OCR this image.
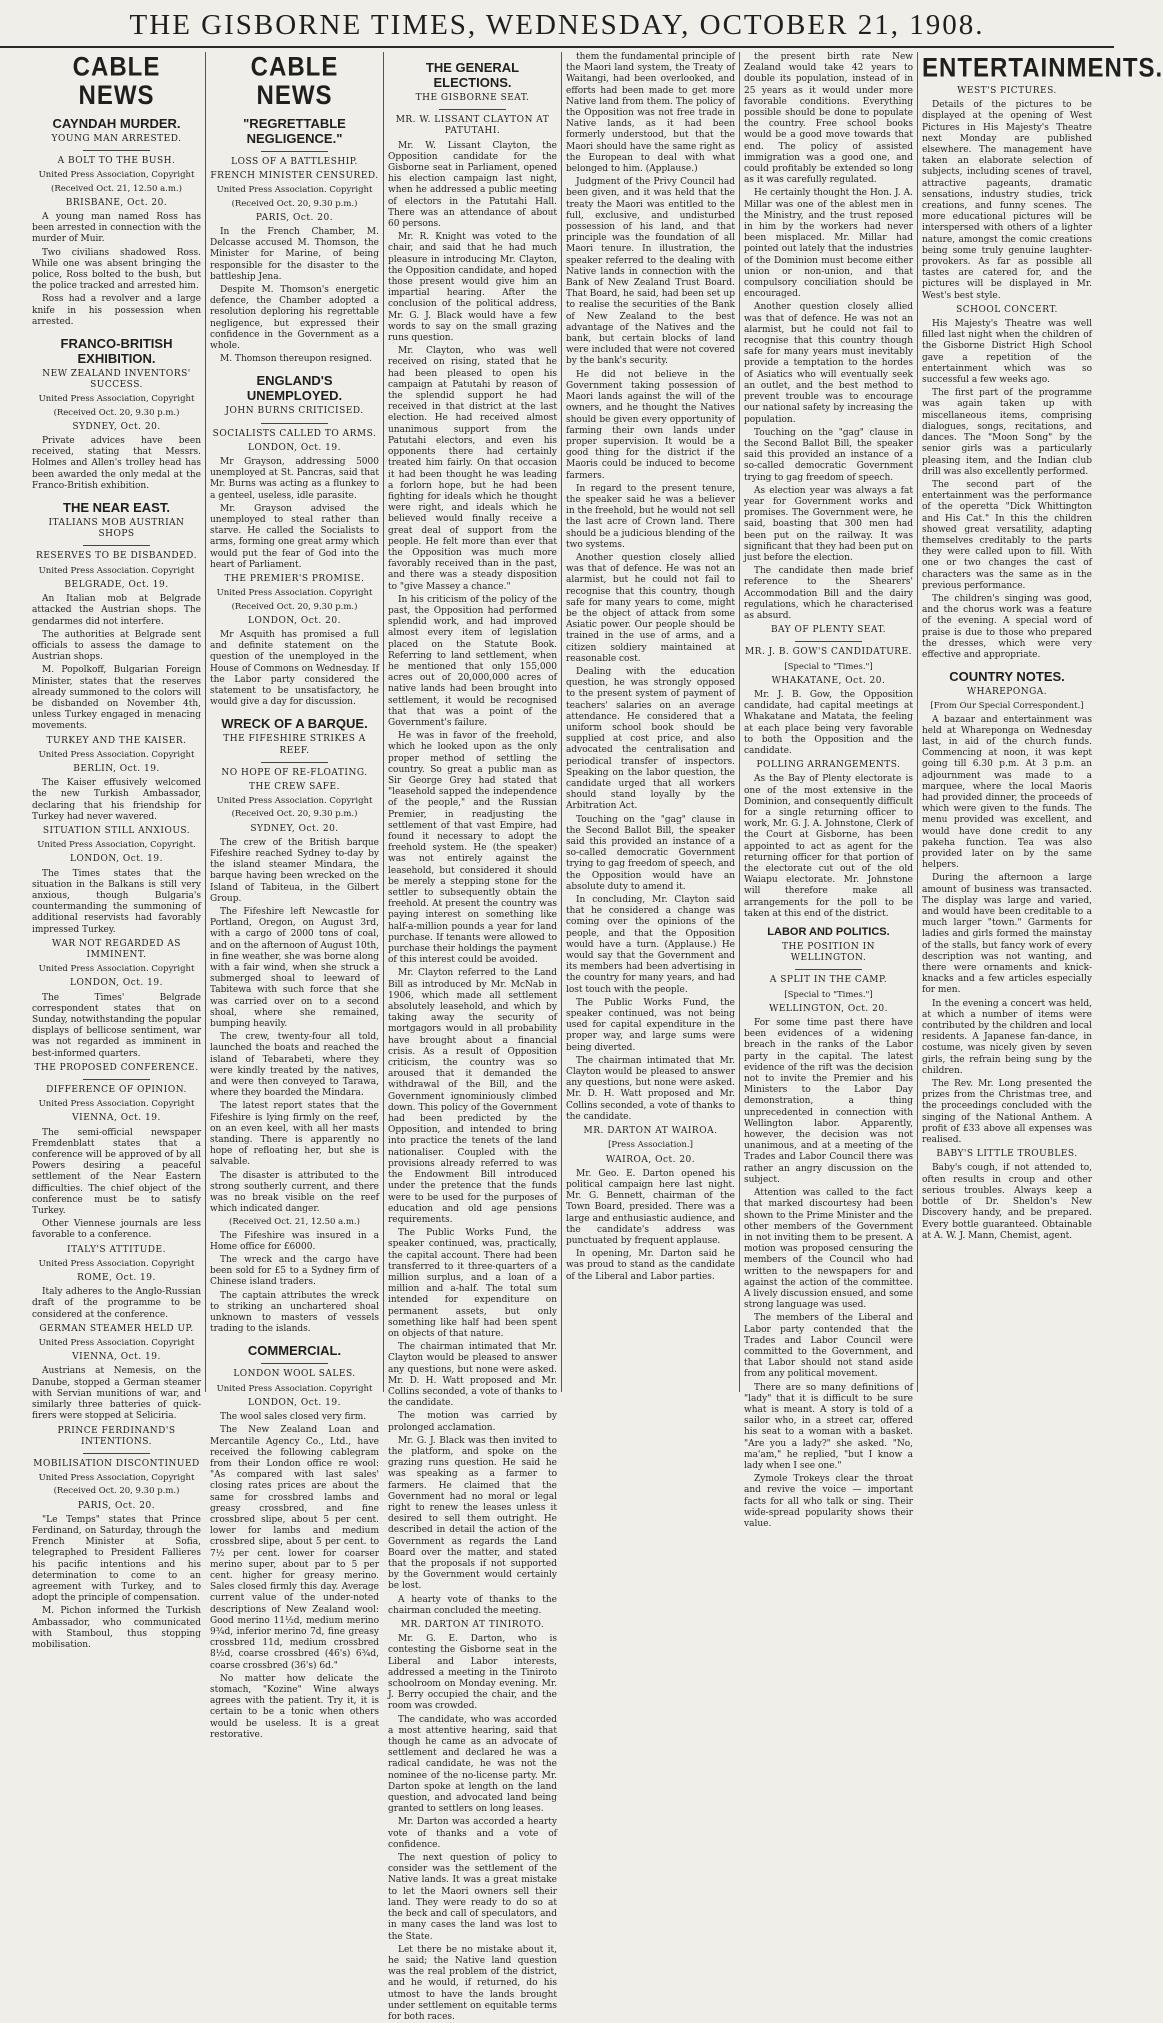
THE GISBORNE TIMES, WEDNESDAY, OCTOBER 21, 1908.
CABLE NEWS
CAYNDAH MURDER.
YOUNG MAN ARRESTED.
A BOLT TO THE BUSH.
United Press Association, Copyright
(Received Oct. 21, 12.50 a.m.)
BRISBANE, Oct. 20.

A young man named Ross has been arrested in connection with the murder of Muir.

Two civilians shadowed Ross. While one was absent bringing the police, Ross bolted to the bush, but the police tracked and arrested him.

Ross had a revolver and a large knife in his possession when arrested.

FRANCO-BRITISH EXHIBITION.
NEW ZEALAND INVENTORS' SUCCESS.
United Press Association, Copyright
(Received Oct. 20, 9.30 p.m.)
SYDNEY, Oct. 20.

Private advices have been received, stating that Messrs. Holmes and Allen's trolley head has been awarded the only medal at the Franco-British exhibition.

THE NEAR EAST.
ITALIANS MOB AUSTRIAN SHOPS
RESERVES TO BE DISBANDED.
United Press Association. Copyright
BELGRADE, Oct. 19.

An Italian mob at Belgrade attacked the Austrian shops. The gendarmes did not interfere.

The authorities at Belgrade sent officials to assess the damage to Austrian shops.

M. Popolkoff, Bulgarian Foreign Minister, states that the reserves already summoned to the colors will be disbanded on November 4th, unless Turkey engaged in menacing movements.

TURKEY AND THE KAISER.
United Press Association. Copyright
BERLIN, Oct. 19.

The Kaiser effusively welcomed the new Turkish Ambassador, declaring that his friendship for Turkey had never wavered.

SITUATION STILL ANXIOUS.
United Press Association, Copyright.
LONDON, Oct. 19.

The Times states that the situation in the Balkans is still very anxious, though Bulgaria's countermanding the summoning of additional reservists had favorably impressed Turkey.

WAR NOT REGARDED AS IMMINENT.
United Press Association. Copyright
LONDON, Oct. 19.

The Times' Belgrade correspondent states that on Sunday, notwithstanding the popular displays of bellicose sentiment, war was not regarded as imminent in best-informed quarters.

THE PROPOSED CONFERENCE.
DIFFERENCE OF OPINION.
United Press Association. Copyright
VIENNA, Oct. 19.

The semi-official newspaper Fremdenblatt states that a conference will be approved of by all Powers desiring a peaceful settlement of the Near Eastern difficulties. The chief object of the conference must be to satisfy Turkey.

Other Viennese journals are less favorable to a conference.

ITALY'S ATTITUDE.
United Press Association. Copyright
ROME, Oct. 19.

Italy adheres to the Anglo-Russian draft of the programme to be considered at the conference.

GERMAN STEAMER HELD UP.
United Press Association. Copyright
VIENNA, Oct. 19.

Austrians at Nemesis, on the Danube, stopped a German steamer with Servian munitions of war, and similarly three batteries of quick-firers were stopped at Seliciria.

PRINCE FERDINAND'S INTENTIONS.
MOBILISATION DISCONTINUED
United Press Association, Copyright
(Received Oct. 20, 9.30 p.m.)
PARIS, Oct. 20.

"Le Temps" states that Prince Ferdinand, on Saturday, through the French Minister at Sofia, telegraphed to President Fallieres his pacific intentions and his determination to come to an agreement with Turkey, and to adopt the principle of compensation.

M. Pichon informed the Turkish Ambassador, who communicated with Stamboul, thus stopping mobilisation.

CABLE NEWS
"REGRETTABLE NEGLIGENCE."
LOSS OF A BATTLESHIP.
FRENCH MINISTER CENSURED.
United Press Association. Copyright
(Received Oct. 20, 9.30 p.m.)
PARIS, Oct. 20.

In the French Chamber, M. Delcasse accused M. Thomson, the Minister for Marine, of being responsible for the disaster to the battleship Jena.

Despite M. Thomson's energetic defence, the Chamber adopted a resolution deploring his regrettable negligence, but expressed their confidence in the Government as a whole.

M. Thomson thereupon resigned.

ENGLAND'S UNEMPLOYED.
JOHN BURNS CRITICISED.
SOCIALISTS CALLED TO ARMS.
LONDON, Oct. 19.

Mr Grayson, addressing 5000 unemployed at St. Pancras, said that Mr. Burns was acting as a flunkey to a genteel, useless, idle parasite.

Mr. Grayson advised the unemployed to steal rather than starve. He called the Socialists to arms, forming one great army which would put the fear of God into the heart of Parliament.

THE PREMIER'S PROMISE.
United Press Association. Copyright
(Received Oct. 20, 9.30 p.m.)
LONDON, Oct. 20.

Mr Asquith has promised a full and definite statement on the question of the unemployed in the House of Commons on Wednesday. If the Labor party considered the statement to be unsatisfactory, he would give a day for discussion.

WRECK OF A BARQUE.
THE FIFESHIRE STRIKES A REEF.
NO HOPE OF RE-FLOATING.
THE CREW SAFE.
United Press Association. Copyright
(Received Oct. 20, 9.30 p.m.)
SYDNEY, Oct. 20.

The crew of the British barque Fifeshire reached Sydney to-day by the island steamer Mindara, the barque having been wrecked on the Island of Tabiteua, in the Gilbert Group.

The Fifeshire left Newcastle for Portland, Oregon, on August 3rd, with a cargo of 2000 tons of coal, and on the afternoon of August 10th, in fine weather, she was borne along with a fair wind, when she struck a submerged shoal to leeward of Tabitewa with such force that she was carried over on to a second shoal, where she remained, bumping heavily.

The crew, twenty-four all told, launched the boats and reached the island of Tebarabeti, where they were kindly treated by the natives, and were then conveyed to Tarawa, where they boarded the Mindara.

The latest report states that the Fifeshire is lying firmly on the reef, on an even keel, with all her masts standing. There is apparently no hope of refloating her, but she is salvable.

The disaster is attributed to the strong southerly current, and there was no break visible on the reef which indicated danger.

(Received Oct. 21, 12.50 a.m.)

The Fifeshire was insured in a Home office for £6000.

The wreck and the cargo have been sold for £5 to a Sydney firm of Chinese island traders.

The captain attributes the wreck to striking an unchartered shoal unknown to masters of vessels trading to the islands.

COMMERCIAL.
LONDON WOOL SALES.
United Press Association. Copyright
LONDON, Oct. 19.

The wool sales closed very firm.

The New Zealand Loan and Mercantile Agency Co., Ltd., have received the following cablegram from their London office re wool: "As compared with last sales' closing rates prices are about the same for crossbred lambs and greasy crossbred, and fine crossbred slipe, about 5 per cent. lower for lambs and medium crossbred slipe, about 5 per cent. to 7½ per cent. lower for coarser merino super, about par to 5 per cent. higher for greasy merino. Sales closed firmly this day. Average current value of the under-noted descriptions of New Zealand wool: Good merino 11½d, medium merino 9¾d, inferior merino 7d, fine greasy crossbred 11d, medium crossbred 8½d, coarse crossbred (46's) 6¾d, coarse crossbred (36's) 6d."

No matter how delicate the stomach, "Kozine" Wine always agrees with the patient. Try it, it is certain to be a tonic when others would be useless. It is a great restorative.

THE GENERAL ELECTIONS.
THE GISBORNE SEAT.
MR. W. LISSANT CLAYTON AT PATUTAHI.

Mr. W. Lissant Clayton, the Opposition candidate for the Gisborne seat in Parliament, opened his election campaign last night, when he addressed a public meeting of electors in the Patutahi Hall. There was an attendance of about 60 persons.

Mr. R. Knight was voted to the chair, and said that he had much pleasure in introducing Mr. Clayton, the Opposition candidate, and hoped those present would give him an impartial hearing. After the conclusion of the political address, Mr. G. J. Black would have a few words to say on the small grazing runs question.

Mr. Clayton, who was well received on rising, stated that he had been pleased to open his campaign at Patutahi by reason of the splendid support he had received in that district at the last election. He had received almost unanimous support from the Patutahi electors, and even his opponents there had certainly treated him fairly. On that occasion it had been thought he was leading a forlorn hope, but he had been fighting for ideals which he thought were right, and ideals which he believed would finally receive a great deal of support from the people. He felt more than ever that the Opposition was much more favorably received than in the past, and there was a steady disposition to "give Massey a chance."

In his criticism of the policy of the past, the Opposition had performed splendid work, and had improved almost every item of legislation placed on the Statute Book. Referring to land settlement, when he mentioned that only 155,000 acres out of 20,000,000 acres of native lands had been brought into settlement, it would be recognised that that was a point of the Government's failure.

He was in favor of the freehold, which he looked upon as the only proper method of settling the country. So great a public man as Sir George Grey had stated that "leasehold sapped the independence of the people," and the Russian Premier, in readjusting the settlement of that vast Empire, had found it necessary to adopt the freehold system. He (the speaker) was not entirely against the leasehold, but considered it should be merely a stepping stone for the settler to subsequently obtain the freehold. At present the country was paying interest on something like half-a-million pounds a year for land purchase. If tenants were allowed to purchase their holdings the payment of this interest could be avoided.

Mr. Clayton referred to the Land Bill as introduced by Mr. McNab in 1906, which made all settlement absolutely leasehold, and which by taking away the security of mortgagors would in all probability have brought about a financial crisis. As a result of Opposition criticism, the country was so aroused that it demanded the withdrawal of the Bill, and the Government ignominiously climbed down. This policy of the Government had been predicted by the Opposition, and intended to bring into practice the tenets of the land nationaliser. Coupled with the provisions already referred to was the Endowment Bill introduced under the pretence that the funds were to be used for the purposes of education and old age pensions requirements.

The Public Works Fund, the speaker continued, was, practically, the capital account. There had been transferred to it three-quarters of a million surplus, and a loan of a million and a-half. The total sum intended for expenditure on permanent assets, but only something like half had been spent on objects of that nature.

The chairman intimated that Mr. Clayton would be pleased to answer any questions, but none were asked. Mr. D. H. Watt proposed and Mr. Collins seconded, a vote of thanks to the candidate.

The motion was carried by prolonged acclamation.

Mr. G. J. Black was then invited to the platform, and spoke on the grazing runs question. He said he was speaking as a farmer to farmers. He claimed that the Government had no moral or legal right to renew the leases unless it desired to sell them outright. He described in detail the action of the Government as regards the Land Board over the matter, and stated that the proposals if not supported by the Government would certainly be lost.

A hearty vote of thanks to the chairman concluded the meeting.

MR. DARTON AT TINIROTO.

Mr. G. E. Darton, who is contesting the Gisborne seat in the Liberal and Labor interests, addressed a meeting in the Tiniroto schoolroom on Monday evening. Mr. J. Berry occupied the chair, and the room was crowded.

The candidate, who was accorded a most attentive hearing, said that though he came as an advocate of settlement and declared he was a radical candidate, he was not the nominee of the no-license party. Mr. Darton spoke at length on the land question, and advocated land being granted to settlers on long leases.

Mr. Darton was accorded a hearty vote of thanks and a vote of confidence.

The next question of policy to consider was the settlement of the Native lands. It was a great mistake to let the Maori owners sell their land. They were ready to do so at the beck and call of speculators, and in many cases the land was lost to the State.

Let there be no mistake about it, he said; the Native land question was the real problem of the district, and he would, if returned, do his utmost to have the lands brought under settlement on equitable terms for both races.

them the fundamental principle of the Maori land system, the Treaty of Waitangi, had been overlooked, and efforts had been made to get more Native land from them. The policy of the Opposition was not free trade in Native lands, as it had been formerly understood, but that the Maori should have the same right as the European to deal with what belonged to him. (Applause.)

Judgment of the Privy Council had been given, and it was held that the treaty the Maori was entitled to the full, exclusive, and undisturbed possession of his land, and that principle was the foundation of all Maori tenure. In illustration, the speaker referred to the dealing with Native lands in connection with the Bank of New Zealand Trust Board. That Board, he said, had been set up to realise the securities of the Bank of New Zealand to the best advantage of the Natives and the bank, but certain blocks of land were included that were not covered by the bank's security.

He did not believe in the Government taking possession of Maori lands against the will of the owners, and he thought the Natives should be given every opportunity of farming their own lands under proper supervision. It would be a good thing for the district if the Maoris could be induced to become farmers.

In regard to the present tenure, the speaker said he was a believer in the freehold, but he would not sell the last acre of Crown land. There should be a judicious blending of the two systems.

Another question closely allied was that of defence. He was not an alarmist, but he could not fail to recognise that this country, though safe for many years to come, might be the object of attack from some Asiatic power. Our people should be trained in the use of arms, and a citizen soldiery maintained at reasonable cost.

Dealing with the education question, he was strongly opposed to the present system of payment of teachers' salaries on an average attendance. He considered that a uniform school book should be supplied at cost price, and also advocated the centralisation and periodical transfer of inspectors. Speaking on the labor question, the candidate urged that all workers should stand loyally by the Arbitration Act.

Touching on the "gag" clause in the Second Ballot Bill, the speaker said this provided an instance of a so-called democratic Government trying to gag freedom of speech, and the Opposition would have an absolute duty to amend it.

In concluding, Mr. Clayton said that he considered a change was coming over the opinions of the people, and that the Opposition would have a turn. (Applause.) He would say that the Government and its members had been advertising in the country for many years, and had lost touch with the people.

The Public Works Fund, the speaker continued, was not being used for capital expenditure in the proper way, and large sums were being diverted.

The chairman intimated that Mr. Clayton would be pleased to answer any questions, but none were asked. Mr. D. H. Watt proposed and Mr. Collins seconded, a vote of thanks to the candidate.

MR. DARTON AT WAIROA.
[Press Association.]
WAIROA, Oct. 20.

Mr. Geo. E. Darton opened his political campaign here last night. Mr. G. Bennett, chairman of the Town Board, presided. There was a large and enthusiastic audience, and the candidate's address was punctuated by frequent applause.

In opening, Mr. Darton said he was proud to stand as the candidate of the Liberal and Labor parties.

the present birth rate New Zealand would take 42 years to double its population, instead of in 25 years as it would under more favorable conditions. Everything possible should be done to populate the country. Free school books would be a good move towards that end. The policy of assisted immigration was a good one, and could profitably be extended so long as it was carefully regulated.

He certainly thought the Hon. J. A. Millar was one of the ablest men in the Ministry, and the trust reposed in him by the workers had never been misplaced. Mr. Millar had pointed out lately that the industries of the Dominion must become either union or non-union, and that compulsory conciliation should be encouraged.

Another question closely allied was that of defence. He was not an alarmist, but he could not fail to recognise that this country though safe for many years must inevitably provide a temptation to the hordes of Asiatics who will eventually seek an outlet, and the best method to prevent trouble was to encourage our national safety by increasing the population.

Touching on the "gag" clause in the Second Ballot Bill, the speaker said this provided an instance of a so-called democratic Government trying to gag freedom of speech.

As election year was always a fat year for Government works and promises. The Government were, he said, boasting that 300 men had been put on the railway. It was significant that they had been put on just before the election.

The candidate then made brief reference to the Shearers' Accommodation Bill and the dairy regulations, which he characterised as absurd.

BAY OF PLENTY SEAT.
MR. J. B. GOW'S CANDIDATURE.
[Special to "Times."]
WHAKATANE, Oct. 20.

Mr. J. B. Gow, the Opposition candidate, had capital meetings at Whakatane and Matata, the feeling at each place being very favorable to both the Opposition and the candidate.

POLLING ARRANGEMENTS.

As the Bay of Plenty electorate is one of the most extensive in the Dominion, and consequently difficult for a single returning officer to work, Mr. G. J. A. Johnstone, Clerk of the Court at Gisborne, has been appointed to act as agent for the returning officer for that portion of the electorate cut out of the old Waiapu electorate. Mr. Johnstone will therefore make all arrangements for the poll to be taken at this end of the district.

LABOR AND POLITICS.
THE POSITION IN WELLINGTON.
A SPLIT IN THE CAMP.
[Special to "Times."]
WELLINGTON, Oct. 20.

For some time past there have been evidences of a widening breach in the ranks of the Labor party in the capital. The latest evidence of the rift was the decision not to invite the Premier and his Ministers to the Labor Day demonstration, a thing unprecedented in connection with Wellington labor. Apparently, however, the decision was not unanimous, and at a meeting of the Trades and Labor Council there was rather an angry discussion on the subject.

Attention was called to the fact that marked discourtesy had been shown to the Prime Minister and the other members of the Government in not inviting them to be present. A motion was proposed censuring the members of the Council who had written to the newspapers for and against the action of the committee. A lively discussion ensued, and some strong language was used.

The members of the Liberal and Labor party contended that the Trades and Labor Council were committed to the Government, and that Labor should not stand aside from any political movement.

There are so many definitions of "lady" that it is difficult to be sure what is meant. A story is told of a sailor who, in a street car, offered his seat to a woman with a basket. "Are you a lady?" she asked. "No, ma'am," he replied, "but I know a lady when I see one."

Zymole Trokeys clear the throat and revive the voice — important facts for all who talk or sing. Their wide-spread popularity shows their value.

ENTERTAINMENTS.
WEST'S PICTURES.

Details of the pictures to be displayed at the opening of West Pictures in His Majesty's Theatre next Monday are published elsewhere. The management have taken an elaborate selection of subjects, including scenes of travel, attractive pageants, dramatic sensations, industry studies, trick creations, and funny scenes. The more educational pictures will be interspersed with others of a lighter nature, amongst the comic creations being some truly genuine laughter-provokers. As far as possible all tastes are catered for, and the pictures will be displayed in Mr. West's best style.

SCHOOL CONCERT.

His Majesty's Theatre was well filled last night when the children of the Gisborne District High School gave a repetition of the entertainment which was so successful a few weeks ago.

The first part of the programme was again taken up with miscellaneous items, comprising dialogues, songs, recitations, and dances. The "Moon Song" by the senior girls was a particularly pleasing item, and the Indian club drill was also excellently performed.

The second part of the entertainment was the performance of the operetta "Dick Whittington and His Cat." In this the children showed great versatility, adapting themselves creditably to the parts they were called upon to fill. With one or two changes the cast of characters was the same as in the previous performance.

The children's singing was good, and the chorus work was a feature of the evening. A special word of praise is due to those who prepared the dresses, which were very effective and appropriate.

COUNTRY NOTES.
WHAREPONGA.
[From Our Special Correspondent.]

A bazaar and entertainment was held at Whareponga on Wednesday last, in aid of the church funds. Commencing at noon, it was kept going till 6.30 p.m. At 3 p.m. an adjournment was made to a marquee, where the local Maoris had provided dinner, the proceeds of which were given to the funds. The menu provided was excellent, and would have done credit to any pakeha function. Tea was also provided later on by the same helpers.

During the afternoon a large amount of business was transacted. The display was large and varied, and would have been creditable to a much larger "town." Garments for ladies and girls formed the mainstay of the stalls, but fancy work of every description was not wanting, and there were ornaments and knick-knacks and a few articles especially for men.

In the evening a concert was held, at which a number of items were contributed by the children and local residents. A Japanese fan-dance, in costume, was nicely given by seven girls, the refrain being sung by the children.

The Rev. Mr. Long presented the prizes from the Christmas tree, and the proceedings concluded with the singing of the National Anthem. A profit of £33 above all expenses was realised.

BABY'S LITTLE TROUBLES.

Baby's cough, if not attended to, often results in croup and other serious troubles. Always keep a bottle of Dr. Sheldon's New Discovery handy, and be prepared. Every bottle guaranteed. Obtainable at A. W. J. Mann, Chemist, agent.
